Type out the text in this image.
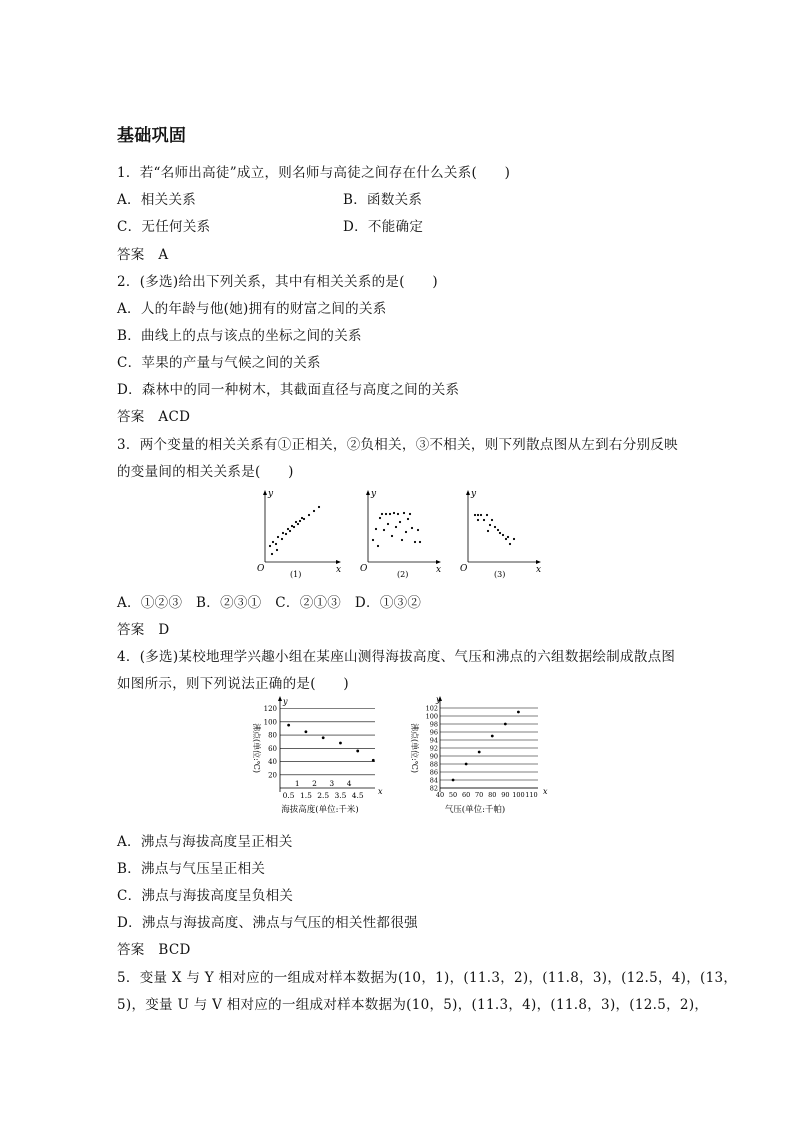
基础巩固
1．若“名师出高徒”成立，则名师与高徒之间存在什么关系(　　)
A．相关关系	B．函数关系
C．无任何关系	D．不能确定
答案　A
2．(多选)给出下列关系，其中有相关关系的是(　　)
A．人的年龄与他(她)拥有的财富之间的关系
B．曲线上的点与该点的坐标之间的关系
C．苹果的产量与气候之间的关系
D．森林中的同一种树木，其截面直径与高度之间的关系
答案　ACD
3．两个变量的相关关系有①正相关，②负相关，③不相关，则下列散点图从左到右分别反映
的变量间的相关关系是(　　)
y
x
O
(1)
y
x
O
(2)
y
x
O
(3)
A．①②③　B．②③①　C．②①③　D．①③②
答案　D
4．(多选)某校地理学兴趣小组在某座山测得海拔高度、气压和沸点的六组数据绘制成散点图
如图所示，则下列说法正确的是(　　)
y
x
沸点(单位:℃)
海拔高度(单位:千米)
120
100
80
60
40
20
0.5 1.5 2.5 3.5 4.5
1 2 3 4
y
x
沸点(单位:℃)
气压(单位:千帕)
102
100
98
96
94
92
90
88
86
84
82
40 50 60 70 80 90 100 110
A．沸点与海拔高度呈正相关
B．沸点与气压呈正相关
C．沸点与海拔高度呈负相关
D．沸点与海拔高度、沸点与气压的相关性都很强
答案　BCD
5．变量 X 与 Y 相对应的一组成对样本数据为(10，1)，(11.3，2)，(11.8，3)，(12.5，4)，(13，
5)，变量 U 与 V 相对应的一组成对样本数据为(10，5)，(11.3，4)，(11.8，3)，(12.5，2)，
